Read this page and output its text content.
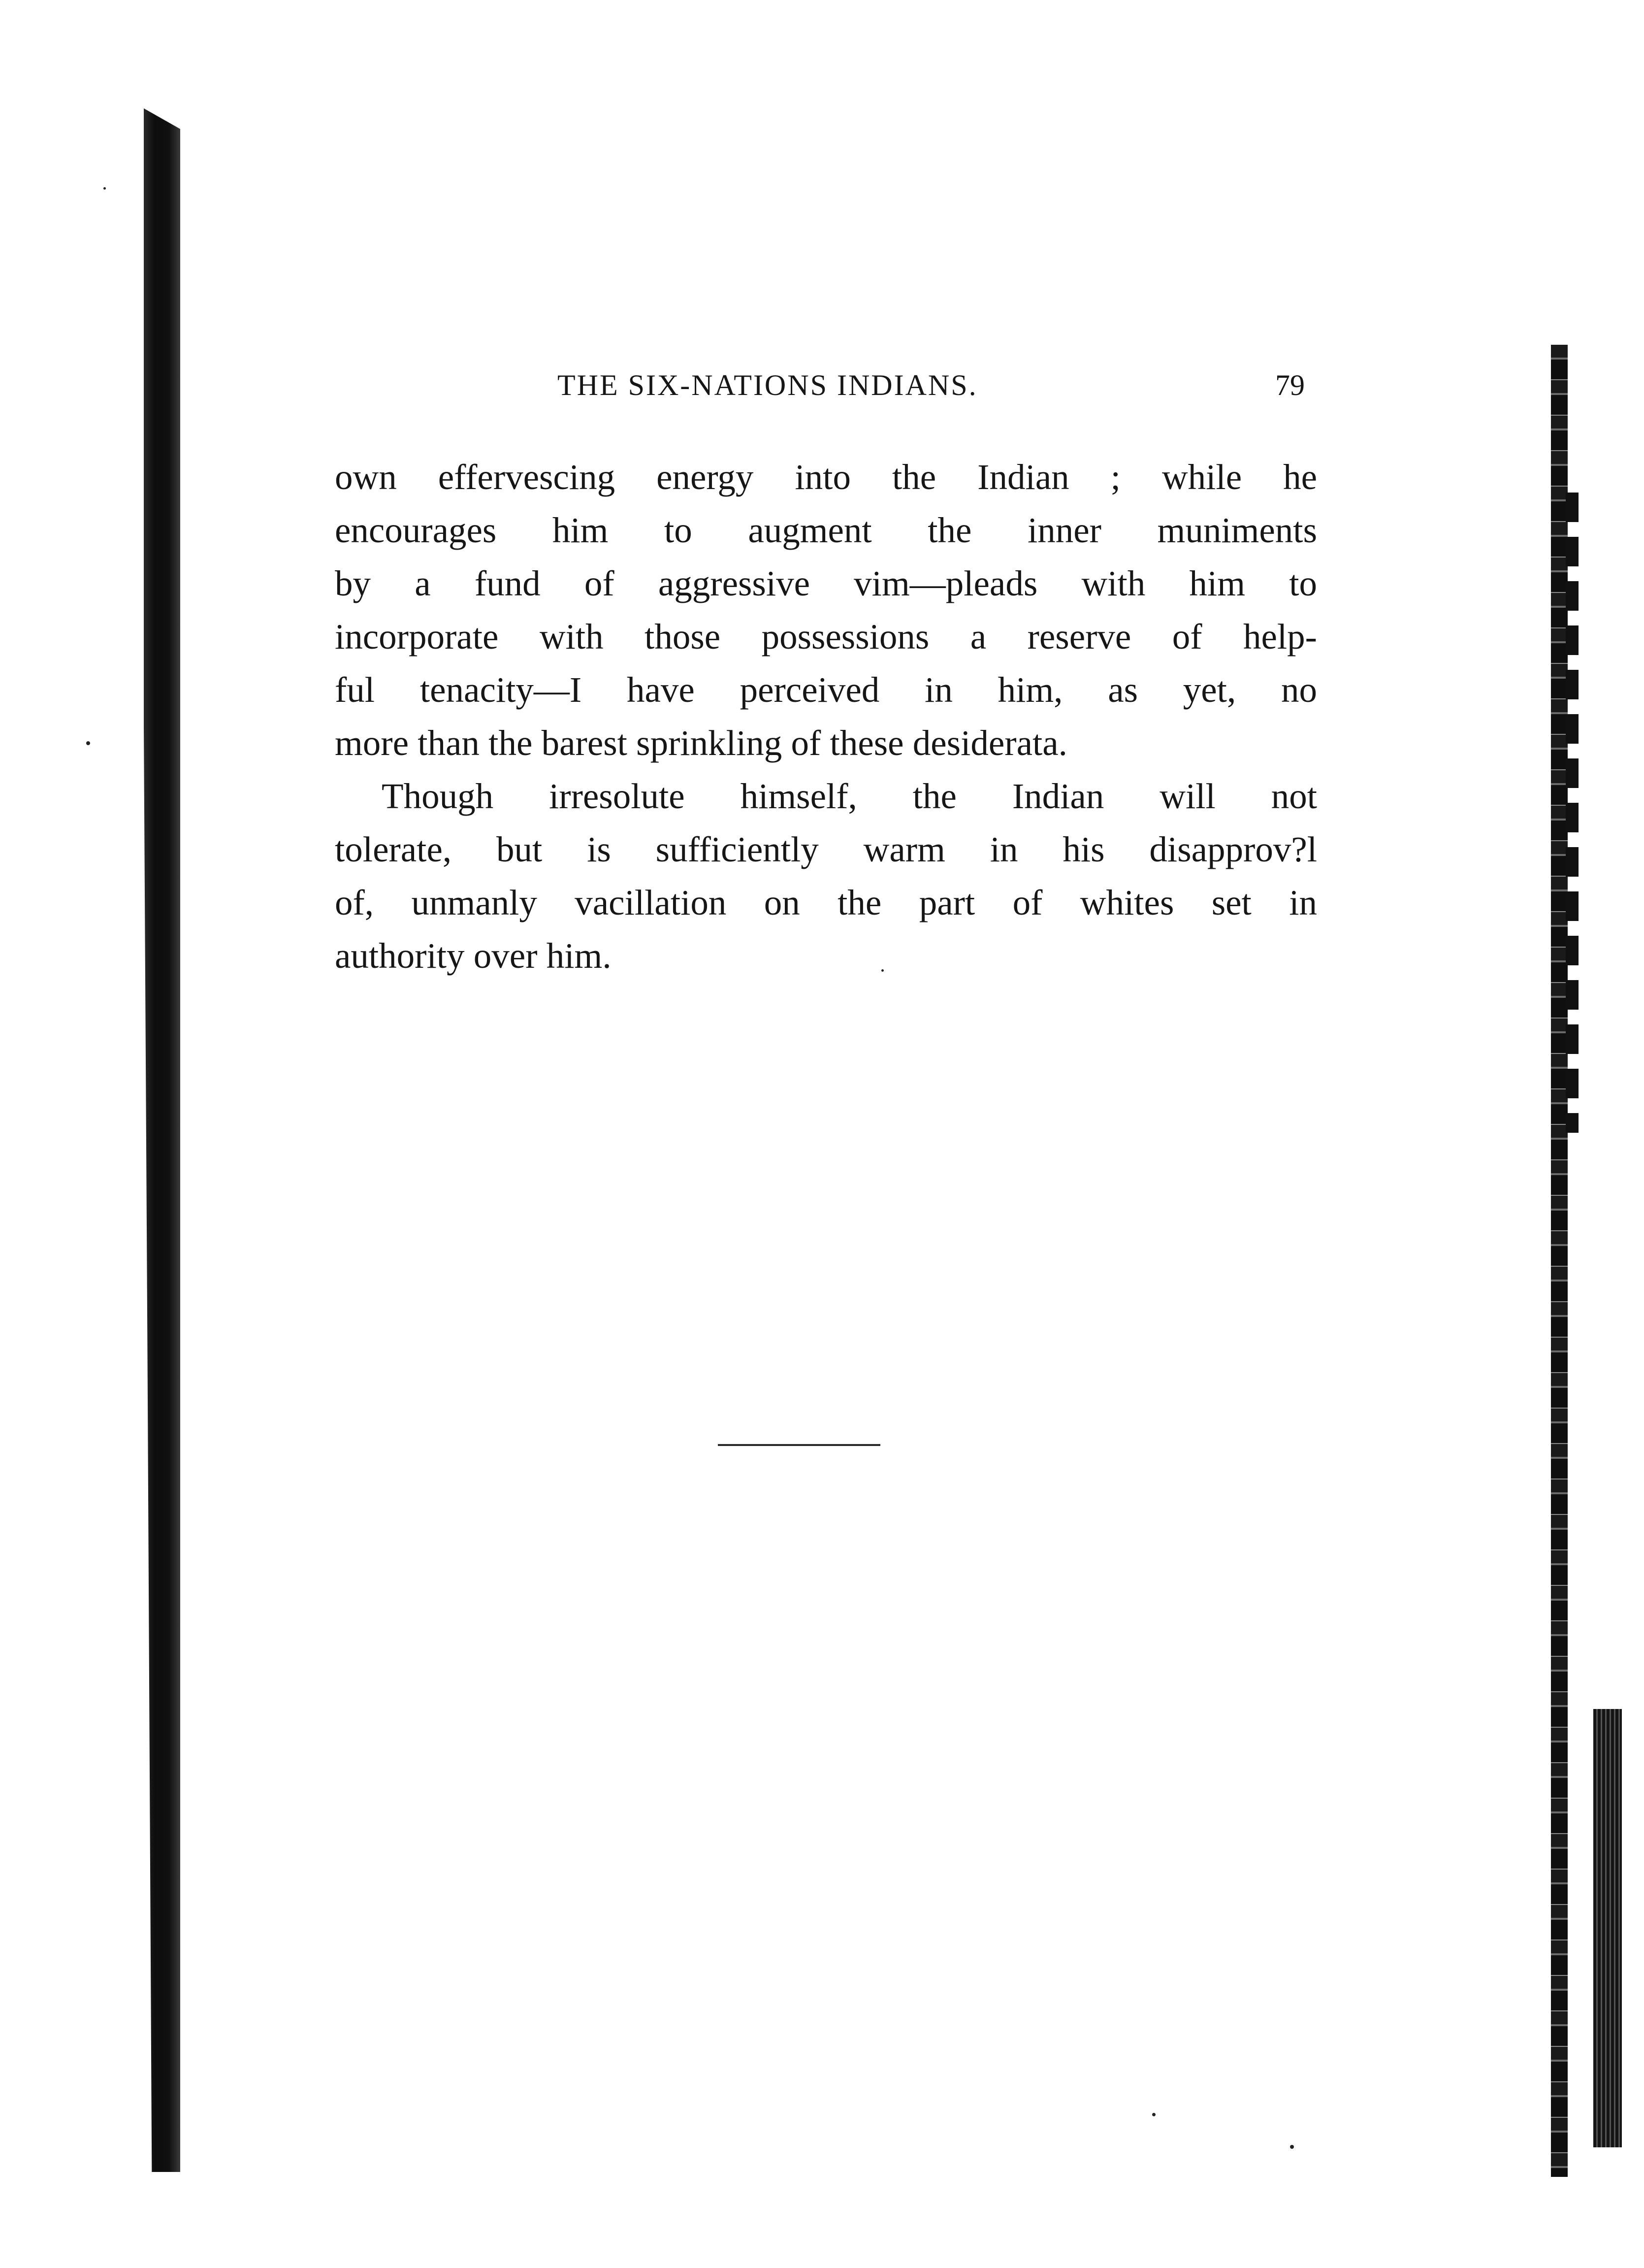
THE SIX-NATIONS INDIANS.	79
own effervescing energy into the Indian ; while he
encourages him to augment the inner muniments
by a fund of aggressive vim—pleads with him to
incorporate with those possessions a reserve of help-
ful tenacity—I have perceived in him, as yet, no
more than the barest sprinkling of these desiderata.
Though irresolute himself, the Indian will not
tolerate, but is sufficiently warm in his disapprov?l
of, unmanly vacillation on the part of whites set in
authority over him.
